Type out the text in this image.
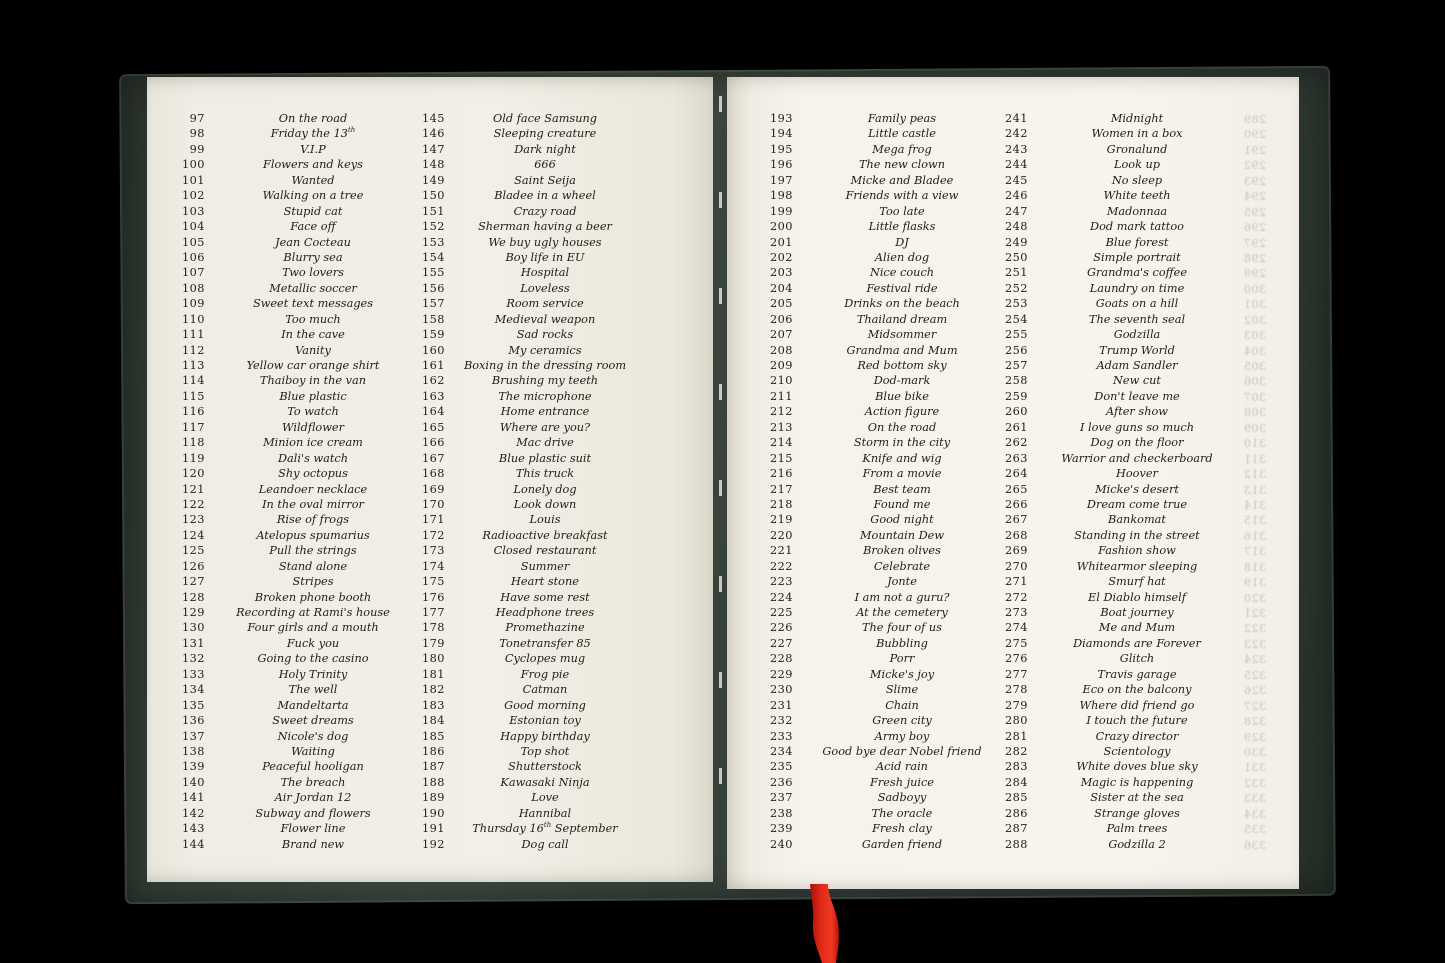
97	On the road
98	Friday the 13th
99	V.I.P
100	Flowers and keys
101	Wanted
102	Walking on a tree
103	Stupid cat
104	Face off
105	Jean Cocteau
106	Blurry sea
107	Two lovers
108	Metallic soccer
109	Sweet text messages
110	Too much
111	In the cave
112	Vanity
113	Yellow car orange shirt
114	Thaiboy in the van
115	Blue plastic
116	To watch
117	Wildflower
118	Minion ice cream
119	Dali's watch
120	Shy octopus
121	Leandoer necklace
122	In the oval mirror
123	Rise of frogs
124	Atelopus spumarius
125	Pull the strings
126	Stand alone
127	Stripes
128	Broken phone booth
129	Recording at Rami's house
130	Four girls and a mouth
131	Fuck you
132	Going to the casino
133	Holy Trinity
134	The well
135	Mandeltarta
136	Sweet dreams
137	Nicole's dog
138	Waiting
139	Peaceful hooligan
140	The breach
141	Air Jordan 12
142	Subway and flowers
143	Flower line
144	Brand new
145	Old face Samsung
146	Sleeping creature
147	Dark night
148	666
149	Saint Seija
150	Bladee in a wheel
151	Crazy road
152	Sherman having a beer
153	We buy ugly houses
154	Boy life in EU
155	Hospital
156	Loveless
157	Room service
158	Medieval weapon
159	Sad rocks
160	My ceramics
161	Boxing in the dressing room
162	Brushing my teeth
163	The microphone
164	Home entrance
165	Where are you?
166	Mac drive
167	Blue plastic suit
168	This truck
169	Lonely dog
170	Look down
171	Louis
172	Radioactive breakfast
173	Closed restaurant
174	Summer
175	Heart stone
176	Have some rest
177	Headphone trees
178	Promethazine
179	Tonetransfer 85
180	Cyclopes mug
181	Frog pie
182	Catman
183	Good morning
184	Estonian toy
185	Happy birthday
186	Top shot
187	Shutterstock
188	Kawasaki Ninja
189	Love
190	Hannibal
191	Thursday 16th September
192	Dog call
193	Family peas
194	Little castle
195	Mega frog
196	The new clown
197	Micke and Bladee
198	Friends with a view
199	Too late
200	Little flasks
201	DJ
202	Alien dog
203	Nice couch
204	Festival ride
205	Drinks on the beach
206	Thailand dream
207	Midsommer
208	Grandma and Mum
209	Red bottom sky
210	Dod-mark
211	Blue bike
212	Action figure
213	On the road
214	Storm in the city
215	Knife and wig
216	From a movie
217	Best team
218	Found me
219	Good night
220	Mountain Dew
221	Broken olives
222	Celebrate
223	Jonte
224	I am not a guru?
225	At the cemetery
226	The four of us
227	Bubbling
228	Porr
229	Micke's joy
230	Slime
231	Chain
232	Green city
233	Army boy
234	Good bye dear Nobel friend
235	Acid rain
236	Fresh juice
237	Sadboyy
238	The oracle
239	Fresh clay
240	Garden friend
241	Midnight
242	Women in a box
243	Gronalund
244	Look up
245	No sleep
246	White teeth
247	Madonnaa
248	Dod mark tattoo
249	Blue forest
250	Simple portrait
251	Grandma's coffee
252	Laundry on time
253	Goats on a hill
254	The seventh seal
255	Godzilla
256	Trump World
257	Adam Sandler
258	New cut
259	Don't leave me
260	After show
261	I love guns so much
262	Dog on the floor
263	Warrior and checkerboard
264	Hoover
265	Micke's desert
266	Dream come true
267	Bankomat
268	Standing in the street
269	Fashion show
270	Whitearmor sleeping
271	Smurf hat
272	El Diablo himself
273	Boat journey
274	Me and Mum
275	Diamonds are Forever
276	Glitch
277	Travis garage
278	Eco on the balcony
279	Where did friend go
280	I touch the future
281	Crazy director
282	Scientology
283	White doves blue sky
284	Magic is happening
285	Sister at the sea
286	Strange gloves
287	Palm trees
288	Godzilla 2
289
290
291
292
293
294
295
296
297
298
299
300
301
302
303
304
305
306
307
308
309
310
311
312
313
314
315
316
317
318
319
320
321
322
323
324
325
326
327
328
329
330
331
332
333
334
335
336
